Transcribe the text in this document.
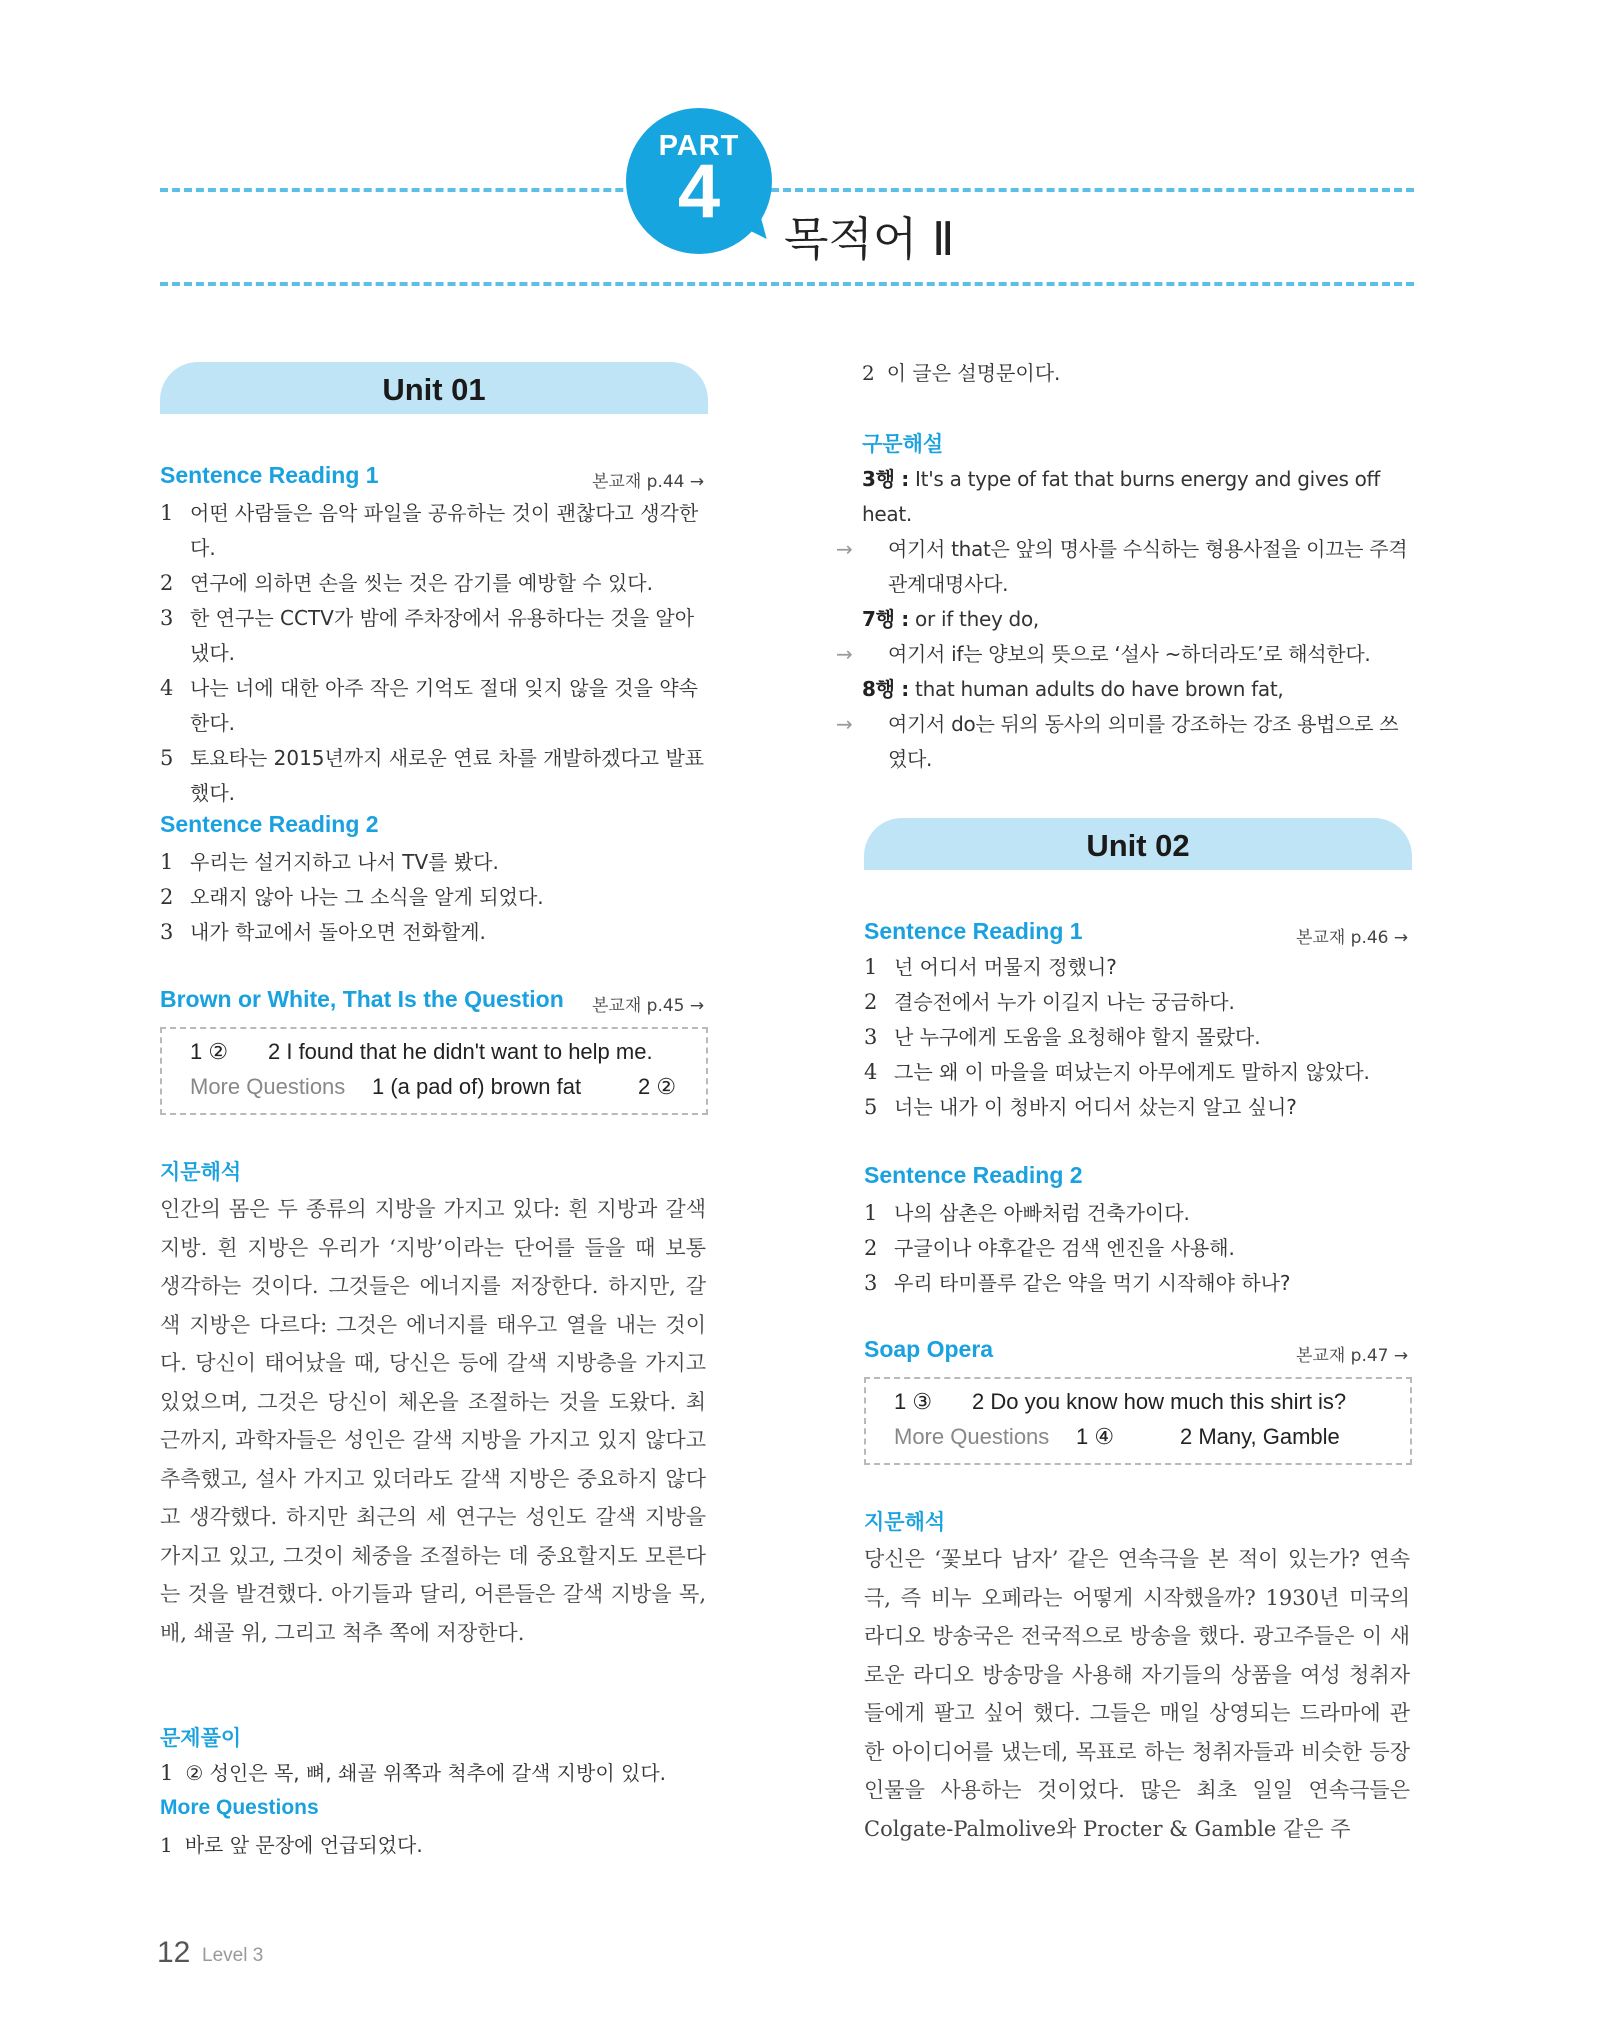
PART
4
목적어 Ⅱ
Unit 01
Sentence Reading 1	본교재 p.44 →
1 어떤 사람들은 음악 파일을 공유하는 것이 괜찮다고 생각한다.
2 연구에 의하면 손을 씻는 것은 감기를 예방할 수 있다.
3 한 연구는 CCTV가 밤에 주차장에서 유용하다는 것을 알아냈다.
4 나는 너에 대한 아주 작은 기억도 절대 잊지 않을 것을 약속한다.
5 토요타는 2015년까지 새로운 연료 차를 개발하겠다고 발표했다.
Sentence Reading 2
1 우리는 설거지하고 나서 TV를 봤다.
2 오래지 않아 나는 그 소식을 알게 되었다.
3 내가 학교에서 돌아오면 전화할게.
Brown or White, That Is the Question 본교재 p.45 →
1 ② 2 I found that he didn't want to help me.
More Questions 1 (a pad of) brown fat	2 ②
지문해석

인간의 몸은 두 종류의 지방을 가지고 있다: 흰 지방과 갈색 지방. 흰 지방은 우리가 ‘지방’이라는 단어를 들을 때 보통 생각하는 것이다. 그것들은 에너지를 저장한다. 하지만, 갈색 지방은 다르다: 그것은 에너지를 태우고 열을 내는 것이다. 당신이 태어났을 때, 당신은 등에 갈색 지방층을 가지고 있었으며, 그것은 당신이 체온을 조절하는 것을 도왔다. 최근까지, 과학자들은 성인은 갈색 지방을 가지고 있지 않다고 추측했고, 설사 가지고 있더라도 갈색 지방은 중요하지 않다고 생각했다. 하지만 최근의 세 연구는 성인도 갈색 지방을 가지고 있고, 그것이 체중을 조절하는 데 중요할지도 모른다는 것을 발견했다. 아기들과 달리, 어른들은 갈색 지방을 목, 배, 쇄골 위, 그리고 척추 쪽에 저장한다.

문제풀이
1 ② 성인은 목, 뼈, 쇄골 위쪽과 척추에 갈색 지방이 있다.
More Questions
1 바로 앞 문장에 언급되었다.
2 이 글은 설명문이다.
구문해설
3행 : It's a type of fat that burns energy and gives off heat.
→ 여기서 that은 앞의 명사를 수식하는 형용사절을 이끄는 주격 관계대명사다.
7행 : or if they do,
→ 여기서 if는 양보의 뜻으로 ‘설사 ~하더라도’로 해석한다.
8행 : that human adults do have brown fat,
→ 여기서 do는 뒤의 동사의 의미를 강조하는 강조 용법으로 쓰였다.
Unit 02
Sentence Reading 1	본교재 p.46 →
1 넌 어디서 머물지 정했니?
2 결승전에서 누가 이길지 나는 궁금하다.
3 난 누구에게 도움을 요청해야 할지 몰랐다.
4 그는 왜 이 마을을 떠났는지 아무에게도 말하지 않았다.
5 너는 내가 이 청바지 어디서 샀는지 알고 싶니?
Sentence Reading 2
1 나의 삼촌은 아빠처럼 건축가이다.
2 구글이나 야후같은 검색 엔진을 사용해.
3 우리 타미플루 같은 약을 먹기 시작해야 하나?
Soap Opera	본교재 p.47 →
1 ③ 2 Do you know how much this shirt is?
More Questions 1 ④	2 Many, Gamble
지문해석

당신은 ‘꽃보다 남자’ 같은 연속극을 본 적이 있는가? 연속극, 즉 비누 오페라는 어떻게 시작했을까? 1930년 미국의 라디오 방송국은 전국적으로 방송을 했다. 광고주들은 이 새로운 라디오 방송망을 사용해 자기들의 상품을 여성 청취자들에게 팔고 싶어 했다. 그들은 매일 상영되는 드라마에 관한 아이디어를 냈는데, 목표로 하는 청취자들과 비슷한 등장인물을 사용하는 것이었다. 많은 최초 일일 연속극들은 Colgate-Palmolive와 Procter & Gamble 같은 주

12 Level 3
